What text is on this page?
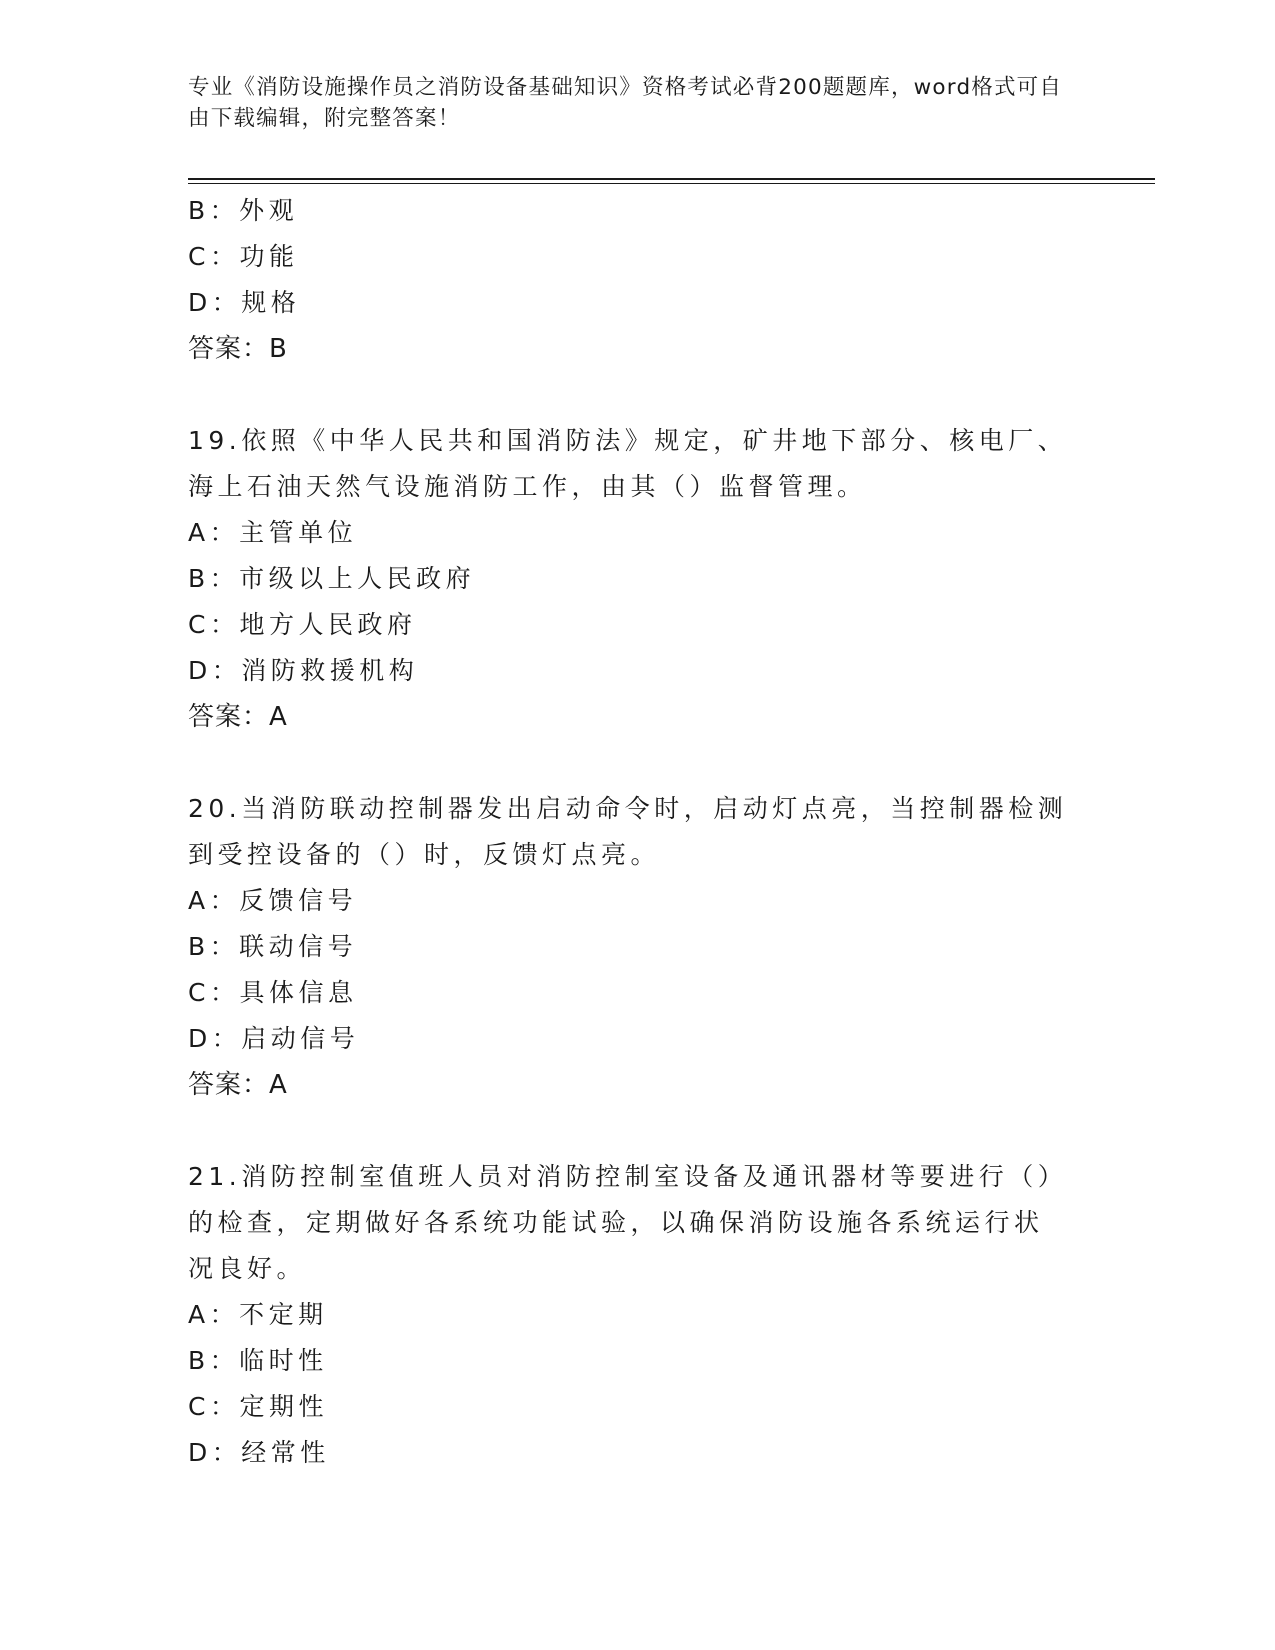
专业《消防设施操作员之消防设备基础知识》资格考试必背200题题库，word格式可自由下载编辑，附完整答案！
B：外观
C：功能
D：规格
答案：B
19.依照《中华人民共和国消防法》规定，矿井地下部分、核电厂、海上石油天然气设施消防工作，由其（）监督管理。
A：主管单位
B：市级以上人民政府
C：地方人民政府
D：消防救援机构
答案：A
20.当消防联动控制器发出启动命令时，启动灯点亮，当控制器检测到受控设备的（）时，反馈灯点亮。
A：反馈信号
B：联动信号
C：具体信息
D：启动信号
答案：A
21.消防控制室值班人员对消防控制室设备及通讯器材等要进行（）的检查，定期做好各系统功能试验，以确保消防设施各系统运行状况良好。
A：不定期
B：临时性
C：定期性
D：经常性
